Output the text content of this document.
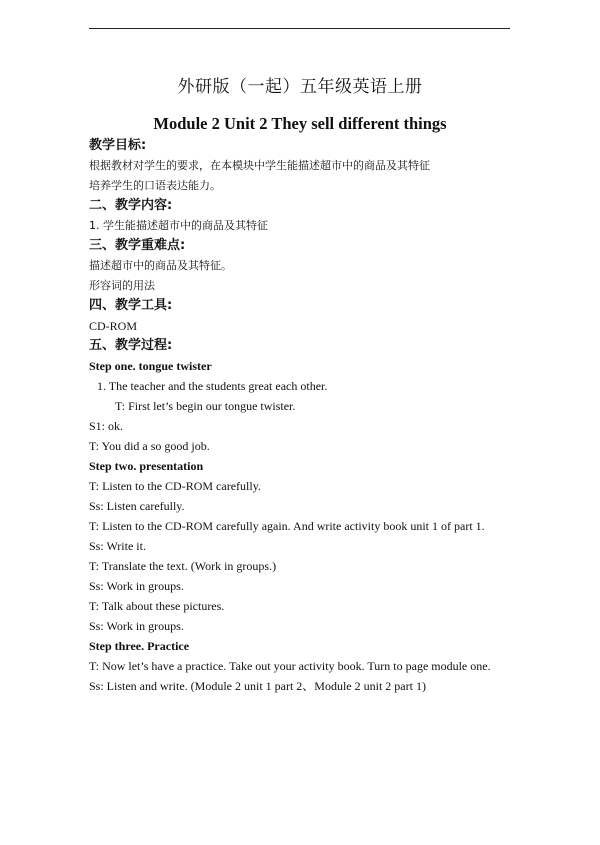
外研版（一起）五年级英语上册
Module 2 Unit 2 They sell different things
教学目标:
根据教材对学生的要求，在本模块中学生能描述超市中的商品及其特征
培养学生的口语表达能力。
二、教学内容:
1. 学生能描述超市中的商品及其特征
三、教学重难点:
描述超市中的商品及其特征。
形容词的用法
四、教学工具:
CD-ROM
五、教学过程:
Step one. tongue twister
1. The teacher and the students great each other.
T: First let’s begin our tongue twister.
S1: ok.
T: You did a so good job.
Step two. presentation
T: Listen to the CD-ROM carefully.
Ss: Listen carefully.
T: Listen to the CD-ROM carefully again. And write activity book unit 1 of part 1.
Ss: Write it.
T: Translate the text. (Work in groups.)
Ss: Work in groups.
T: Talk about these pictures.
Ss: Work in groups.
Step three. Practice
T: Now let’s have a practice. Take out your activity book. Turn to page module one.
Ss: Listen and write. (Module 2 unit 1 part 2、Module 2 unit 2 part 1)
